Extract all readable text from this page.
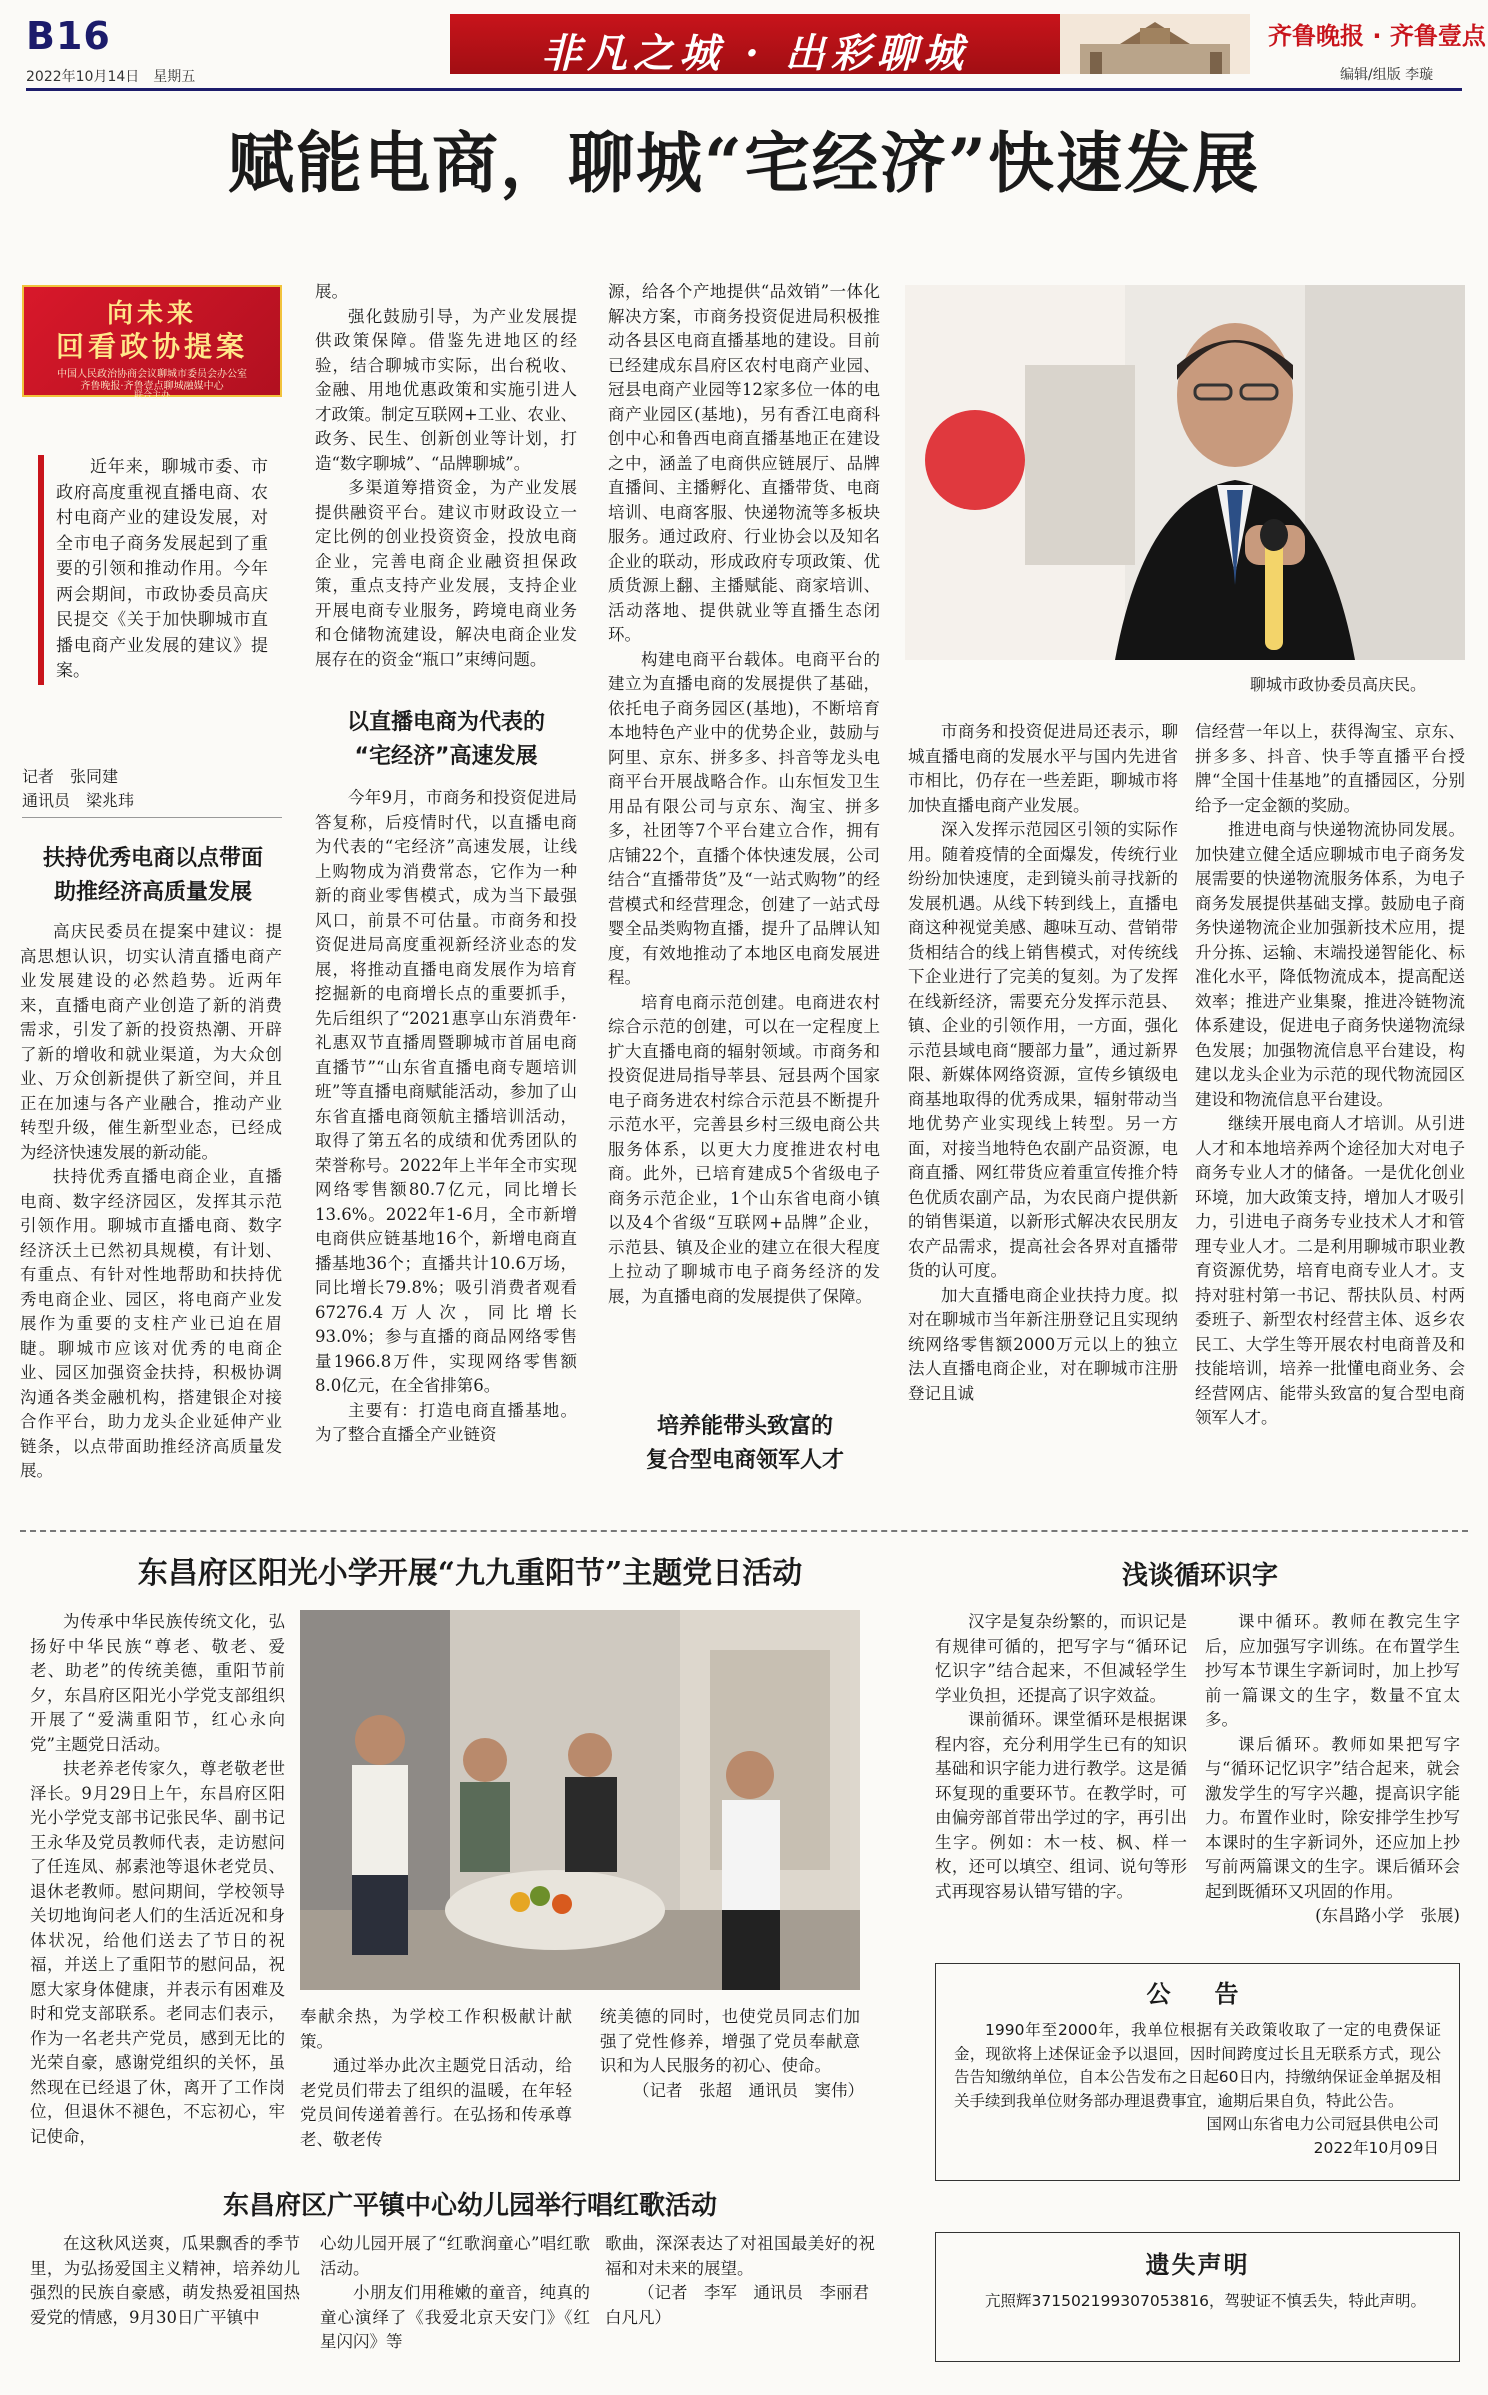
B16
2022年10月14日　星期五	非凡之城 · 出彩聊城	齐鲁晚报 · 齐鲁壹点
编辑/组版 李璇
赋能电商，聊城“宅经济”快速发展
向未来
回看政协提案
中国人民政治协商会议聊城市委员会办公室
齐鲁晚报·齐鲁壹点聊城融媒中心
联合主办

近年来，聊城市委、市政府高度重视直播电商、农村电商产业的建设发展，对全市电子商务发展起到了重要的引领和推动作用。今年两会期间，市政协委员高庆民提交《关于加快聊城市直播电商产业发展的建议》提案。

记者　张同建
通讯员　梁兆玮
扶持优秀电商以点带面
助推经济高质量发展

高庆民委员在提案中建议：提高思想认识，切实认清直播电商产业发展建设的必然趋势。近两年来，直播电商产业创造了新的消费需求，引发了新的投资热潮、开辟了新的增收和就业渠道，为大众创业、万众创新提供了新空间，并且正在加速与各产业融合，推动产业转型升级，催生新型业态，已经成为经济快速发展的新动能。

扶持优秀直播电商企业，直播电商、数字经济园区，发挥其示范引领作用。聊城市直播电商、数字经济沃土已然初具规模，有计划、有重点、有针对性地帮助和扶持优秀电商企业、园区，将电商产业发展作为重要的支柱产业已迫在眉睫。聊城市应该对优秀的电商企业、园区加强资金扶持，积极协调沟通各类金融机构，搭建银企对接合作平台，助力龙头企业延伸产业链条，以点带面助推经济高质量发展。

展。

强化鼓励引导，为产业发展提供政策保障。借鉴先进地区的经验，结合聊城市实际，出台税收、金融、用地优惠政策和实施引进人才政策。制定互联网+工业、农业、政务、民生、创新创业等计划，打造“数字聊城”、“品牌聊城”。

多渠道筹措资金，为产业发展提供融资平台。建议市财政设立一定比例的创业投资资金，投放电商企业，完善电商企业融资担保政策，重点支持产业发展，支持企业开展电商专业服务，跨境电商业务和仓储物流建设，解决电商企业发展存在的资金“瓶口”束缚问题。

以直播电商为代表的
“宅经济”高速发展

今年9月，市商务和投资促进局答复称，后疫情时代，以直播电商为代表的“宅经济”高速发展，让线上购物成为消费常态，它作为一种新的商业零售模式，成为当下最强风口，前景不可估量。市商务和投资促进局高度重视新经济业态的发展，将推动直播电商发展作为培育挖掘新的电商增长点的重要抓手，先后组织了“2021惠享山东消费年·礼惠双节直播周暨聊城市首届电商直播节”“山东省直播电商专题培训班”等直播电商赋能活动，参加了山东省直播电商领航主播培训活动，取得了第五名的成绩和优秀团队的荣誉称号。2022年上半年全市实现网络零售额80.7亿元，同比增长13.6%。2022年1-6月，全市新增电商供应链基地16个，新增电商直播基地36个；直播共计10.6万场，同比增长79.8%；吸引消费者观看67276.4万人次，同比增长93.0%；参与直播的商品网络零售量1966.8万件，实现网络零售额8.0亿元，在全省排第6。

主要有：打造电商直播基地。为了整合直播全产业链资

源，给各个产地提供“品效销”一体化解决方案，市商务投资促进局积极推动各县区电商直播基地的建设。目前已经建成东昌府区农村电商产业园、冠县电商产业园等12家多位一体的电商产业园区(基地)，另有香江电商科创中心和鲁西电商直播基地正在建设之中，涵盖了电商供应链展厅、品牌直播间、主播孵化、直播带货、电商培训、电商客服、快递物流等多板块服务。通过政府、行业协会以及知名企业的联动，形成政府专项政策、优质货源上翻、主播赋能、商家培训、活动落地、提供就业等直播生态闭环。

构建电商平台载体。电商平台的建立为直播电商的发展提供了基础，依托电子商务园区(基地)，不断培育本地特色产业中的优势企业，鼓励与阿里、京东、拼多多、抖音等龙头电商平台开展战略合作。山东恒发卫生用品有限公司与京东、淘宝、拼多多，社团等7个平台建立合作，拥有店铺22个，直播个体快速发展，公司结合“直播带货”及“一站式购物”的经营模式和经营理念，创建了一站式母婴全品类购物直播，提升了品牌认知度，有效地推动了本地区电商发展进程。

培育电商示范创建。电商进农村综合示范的创建，可以在一定程度上扩大直播电商的辐射领域。市商务和投资促进局指导莘县、冠县两个国家电子商务进农村综合示范县不断提升示范水平，完善县乡村三级电商公共服务体系，以更大力度推进农村电商。此外，已培育建成5个省级电子商务示范企业，1个山东省电商小镇以及4个省级“互联网+品牌”企业，示范县、镇及企业的建立在很大程度上拉动了聊城市电子商务经济的发展，为直播电商的发展提供了保障。

培养能带头致富的
复合型电商领军人才
聊城市政协委员高庆民。

市商务和投资促进局还表示，聊城直播电商的发展水平与国内先进省市相比，仍存在一些差距，聊城市将加快直播电商产业发展。

深入发挥示范园区引领的实际作用。随着疫情的全面爆发，传统行业纷纷加快速度，走到镜头前寻找新的发展机遇。从线下转到线上，直播电商这种视觉美感、趣味互动、营销带货相结合的线上销售模式，对传统线下企业进行了完美的复刻。为了发挥在线新经济，需要充分发挥示范县、镇、企业的引领作用，一方面，强化示范县域电商“腰部力量”，通过新界限、新媒体网络资源，宣传乡镇级电商基地取得的优秀成果，辐射带动当地优势产业实现线上转型。另一方面，对接当地特色农副产品资源，电商直播、网红带货应着重宣传推介特色优质农副产品，为农民商户提供新的销售渠道，以新形式解决农民朋友农产品需求，提高社会各界对直播带货的认可度。

加大直播电商企业扶持力度。拟对在聊城市当年新注册登记且实现纳统网络零售额2000万元以上的独立法人直播电商企业，对在聊城市注册登记且诚

信经营一年以上，获得淘宝、京东、拼多多、抖音、快手等直播平台授牌“全国十佳基地”的直播园区，分别给予一定金额的奖励。

推进电商与快递物流协同发展。加快建立健全适应聊城市电子商务发展需要的快递物流服务体系，为电子商务发展提供基础支撑。鼓励电子商务快递物流企业加强新技术应用，提升分拣、运输、末端投递智能化、标准化水平，降低物流成本，提高配送效率；推进产业集聚，推进冷链物流体系建设，促进电子商务快递物流绿色发展；加强物流信息平台建设，构建以龙头企业为示范的现代物流园区建设和物流信息平台建设。

继续开展电商人才培训。从引进人才和本地培养两个途径加大对电子商务专业人才的储备。一是优化创业环境，加大政策支持，增加人才吸引力，引进电子商务专业技术人才和管理专业人才。二是利用聊城市职业教育资源优势，培育电商专业人才。支持对驻村第一书记、帮扶队员、村两委班子、新型农村经营主体、返乡农民工、大学生等开展农村电商普及和技能培训，培养一批懂电商业务、会经营网店、能带头致富的复合型电商领军人才。

东昌府区阳光小学开展“九九重阳节”主题党日活动

为传承中华民族传统文化，弘扬好中华民族“尊老、敬老、爱老、助老”的传统美德，重阳节前夕，东昌府区阳光小学党支部组织开展了“爱满重阳节，红心永向党”主题党日活动。

扶老养老传家久，尊老敬老世泽长。9月29日上午，东昌府区阳光小学党支部书记张民华、副书记王永华及党员教师代表，走访慰问了任连凤、郝素池等退休老党员、退休老教师。慰问期间，学校领导关切地询问老人们的生活近况和身体状况，给他们送去了节日的祝福，并送上了重阳节的慰问品，祝愿大家身体健康，并表示有困难及时和党支部联系。老同志们表示，作为一名老共产党员，感到无比的光荣自豪，感谢党组织的关怀，虽然现在已经退了休，离开了工作岗位，但退休不褪色，不忘初心，牢记使命，

奉献余热，为学校工作积极献计献策。

通过举办此次主题党日活动，给老党员们带去了组织的温暖，在年轻党员间传递着善行。在弘扬和传承尊老、敬老传

统美德的同时，也使党员同志们加强了党性修养，增强了党员奉献意识和为人民服务的初心、使命。

（记者　张超　通讯员　窦伟）

东昌府区广平镇中心幼儿园举行唱红歌活动

在这秋风送爽，瓜果飘香的季节里，为弘扬爱国主义精神，培养幼儿强烈的民族自豪感，萌发热爱祖国热爱党的情感，9月30日广平镇中

心幼儿园开展了“红歌润童心”唱红歌活动。

小朋友们用稚嫩的童音，纯真的童心演绎了《我爱北京天安门》《红星闪闪》等

歌曲，深深表达了对祖国最美好的祝福和对未来的展望。

（记者　李军　通讯员　李丽君　白凡凡）

浅谈循环识字

汉字是复杂纷繁的，而识记是有规律可循的，把写字与“循环记忆识字”结合起来，不但减轻学生学业负担，还提高了识字效益。

课前循环。课堂循环是根据课程内容，充分利用学生已有的知识基础和识字能力进行教学。这是循环复现的重要环节。在教学时，可由偏旁部首带出学过的字，再引出生字。例如：木一枝、枫、样一枚，还可以填空、组词、说句等形式再现容易认错写错的字。

课中循环。教师在教完生字后，应加强写字训练。在布置学生抄写本节课生字新词时，加上抄写前一篇课文的生字，数量不宜太多。

课后循环。教师如果把写字与“循环记忆识字”结合起来，就会激发学生的写字兴趣，提高识字能力。布置作业时，除安排学生抄写本课时的生字新词外，还应加上抄写前两篇课文的生字。课后循环会起到既循环又巩固的作用。

(东昌路小学　张展)

公　告
1990年至2000年，我单位根据有关政策收取了一定的电费保证金，现欲将上述保证金予以退回，因时间跨度过长且无联系方式，现公告告知缴纳单位，自本公告发布之日起60日内，持缴纳保证金单据及相关手续到我单位财务部办理退费事宜，逾期后果自负，特此公告。
国网山东省电力公司冠县供电公司
2022年10月09日
遗失声明
亢照辉37150219930705381​6，驾驶证不慎丢失，特此声明。
